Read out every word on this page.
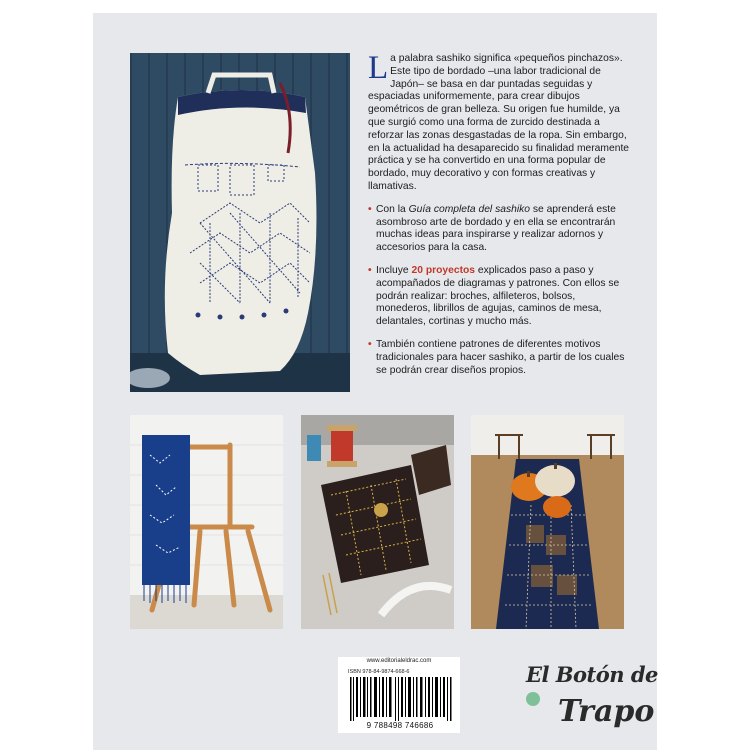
L a palabra sashiko significa «pequeños pinchazos». Este tipo de bordado –una labor tradicional de Japón– se basa en dar puntadas seguidas y espaciadas uniformemente, para crear dibujos geométricos de gran belleza. Su origen fue humilde, ya que surgió como una forma de zurcido destinada a reforzar las zonas desgastadas de la ropa. Sin embargo, en la actualidad ha desaparecido su finalidad meramente práctica y se ha convertido en una forma popular de bordado, muy decorativo y con formas creativas y llamativas.

• Con la Guía completa del sashiko se aprenderá este asombroso arte de bordado y en ella se encontrarán muchas ideas para inspirarse y realizar adornos y accesorios para la casa.
• Incluye 20 proyectos explicados paso a paso y acompañados de diagramas y patrones. Con ellos se podrán realizar: broches, alfileteros, bolsos, monederos, librillos de agujas, caminos de mesa, delantales, cortinas y mucho más.
• También contiene patrones de diferentes motivos tradicionales para hacer sashiko, a partir de los cuales se podrán crear diseños propios.
www.editorialeldrac.com
ISBN 978-84-9874-668-6
9 788498 746686
El Botón de
Trapo
